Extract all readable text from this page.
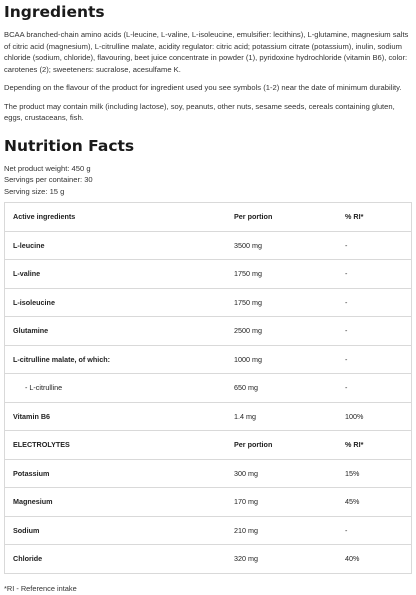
Ingredients

BCAA branched-chain amino acids (L-leucine, L-valine, L-isoleucine, emulsifier: lecithins), L-glutamine, magnesium salts of citric acid (magnesium), L-citrulline malate, acidity regulator: citric acid; potassium citrate (potassium), inulin, sodium chloride (sodium, chloride), flavouring, beet juice concentrate in powder (1), pyridoxine hydrochloride (vitamin B6), color: carotenes (2); sweeteners: sucralose, acesulfame K.

Depending on the flavour of the product for ingredient used you see symbols (1-2) near the date of minimum durability.

The product may contain milk (including lactose), soy, peanuts, other nuts, sesame seeds, cereals containing gluten, eggs, crustaceans, fish.

Nutrition Facts
Net product weight: 450 g
Servings per container: 30
Serving size: 15 g
Active ingredients	Per portion	% RI*
L-leucine	3500 mg	-
L-valine	1750 mg	-
L-isoleucine	1750 mg	-
Glutamine	2500 mg	-
L-citrulline malate, of which:	1000 mg	-
- L-citrulline	650 mg	-
Vitamin B6	1.4 mg	100%
ELECTROLYTES	Per portion	% RI*
Potassium	300 mg	15%
Magnesium	170 mg	45%
Sodium	210 mg	-
Chloride	320 mg	40%
*RI - Reference intake
